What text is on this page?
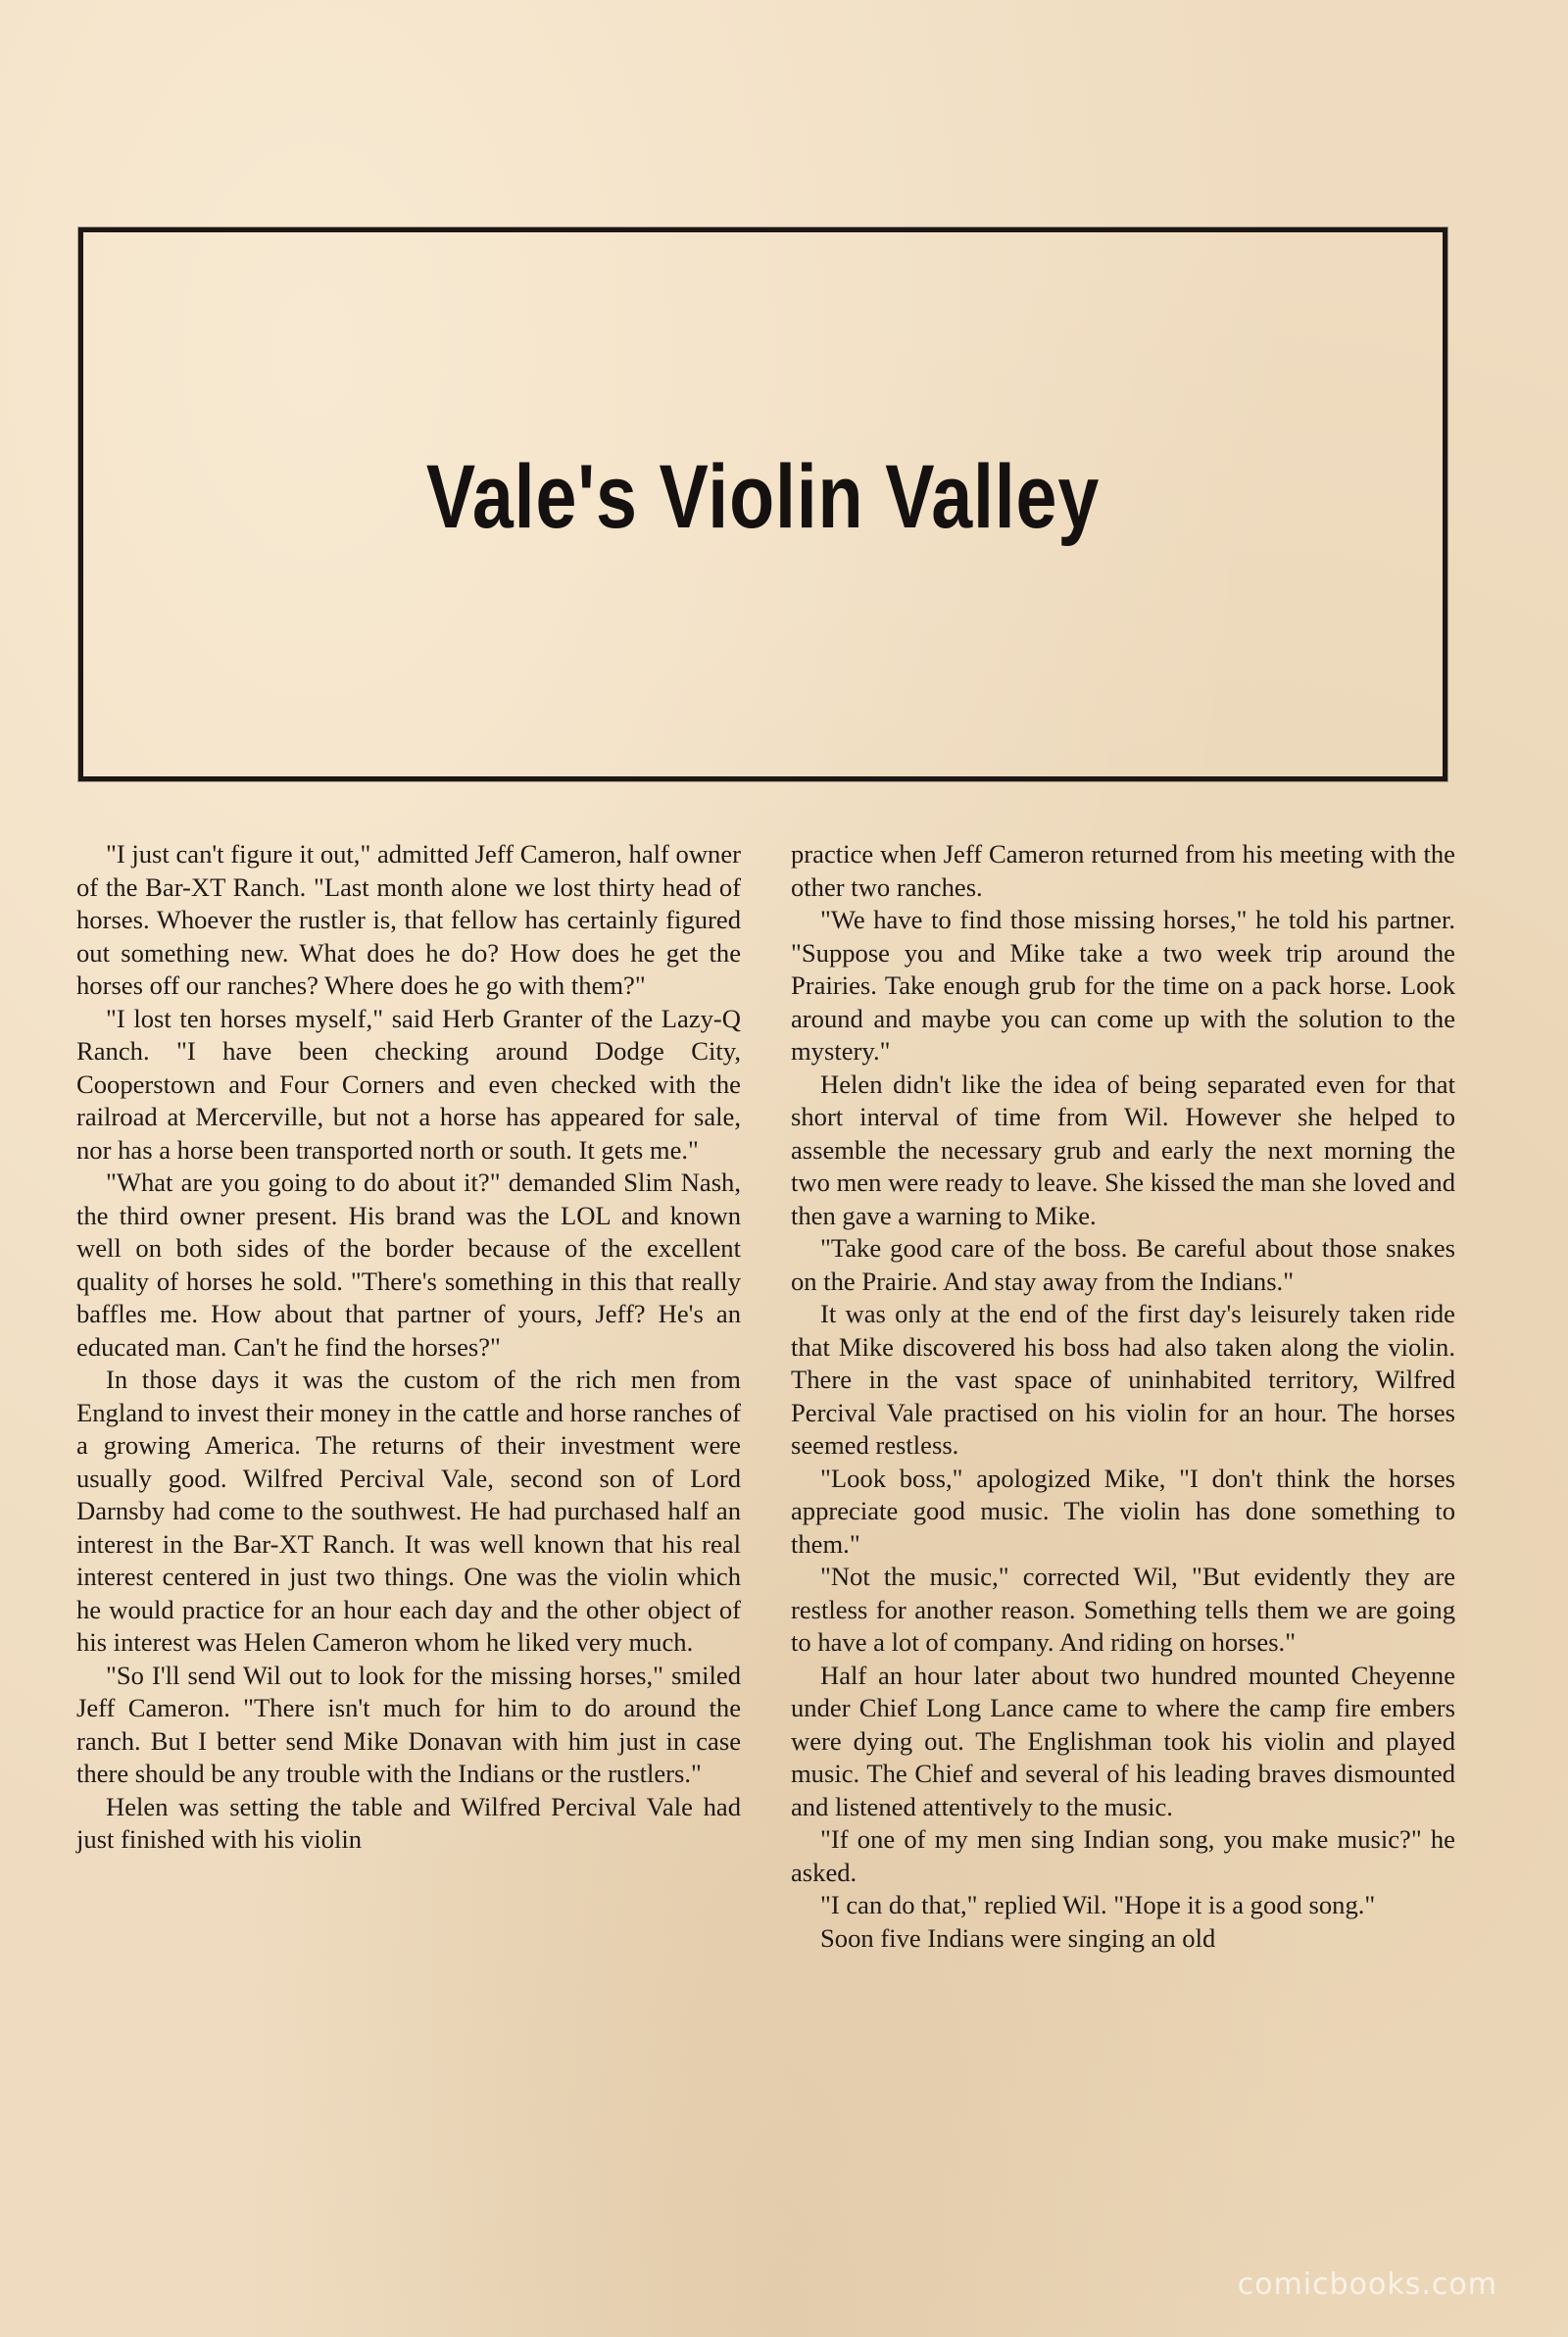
Vale's Violin Valley

"I just can't figure it out," admitted Jeff Cameron, half owner of the Bar-XT Ranch. "Last month alone we lost thirty head of horses. Whoever the rustler is, that fellow has certainly figured out something new. What does he do? How does he get the horses off our ranches? Where does he go with them?"

"I lost ten horses myself," said Herb Granter of the Lazy-Q Ranch. "I have been checking around Dodge City, Cooperstown and Four Corners and even checked with the railroad at Mercerville, but not a horse has appeared for sale, nor has a horse been transported north or south. It gets me."

"What are you going to do about it?" demanded Slim Nash, the third owner present. His brand was the LOL and known well on both sides of the border because of the excellent quality of horses he sold. "There's something in this that really baffles me. How about that partner of yours, Jeff? He's an educated man. Can't he find the horses?"

In those days it was the custom of the rich men from England to invest their money in the cattle and horse ranches of a growing America. The returns of their investment were usually good. Wilfred Percival Vale, second son of Lord Darnsby had come to the southwest. He had purchased half an interest in the Bar-XT Ranch. It was well known that his real interest centered in just two things. One was the violin which he would practice for an hour each day and the other object of his interest was Helen Cameron whom he liked very much.

"So I'll send Wil out to look for the missing horses," smiled Jeff Cameron. "There isn't much for him to do around the ranch. But I better send Mike Donavan with him just in case there should be any trouble with the Indians or the rustlers."

Helen was setting the table and Wilfred Percival Vale had just finished with his violin

practice when Jeff Cameron returned from his meeting with the other two ranches.

"We have to find those missing horses," he told his partner. "Suppose you and Mike take a two week trip around the Prairies. Take enough grub for the time on a pack horse. Look around and maybe you can come up with the solution to the mystery."

Helen didn't like the idea of being separated even for that short interval of time from Wil. However she helped to assemble the necessary grub and early the next morning the two men were ready to leave. She kissed the man she loved and then gave a warning to Mike.

"Take good care of the boss. Be careful about those snakes on the Prairie. And stay away from the Indians."

It was only at the end of the first day's leisurely taken ride that Mike discovered his boss had also taken along the violin. There in the vast space of uninhabited territory, Wilfred Percival Vale practised on his violin for an hour. The horses seemed restless.

"Look boss," apologized Mike, "I don't think the horses appreciate good music. The violin has done something to them."

"Not the music," corrected Wil, "But evidently they are restless for another reason. Something tells them we are going to have a lot of company. And riding on horses."

Half an hour later about two hundred mounted Cheyenne under Chief Long Lance came to where the camp fire embers were dying out. The Englishman took his violin and played music. The Chief and several of his leading braves dismounted and listened attentively to the music.

"If one of my men sing Indian song, you make music?" he asked.

"I can do that," replied Wil. "Hope it is a good song."

Soon five Indians were singing an old

comicbooks.com
